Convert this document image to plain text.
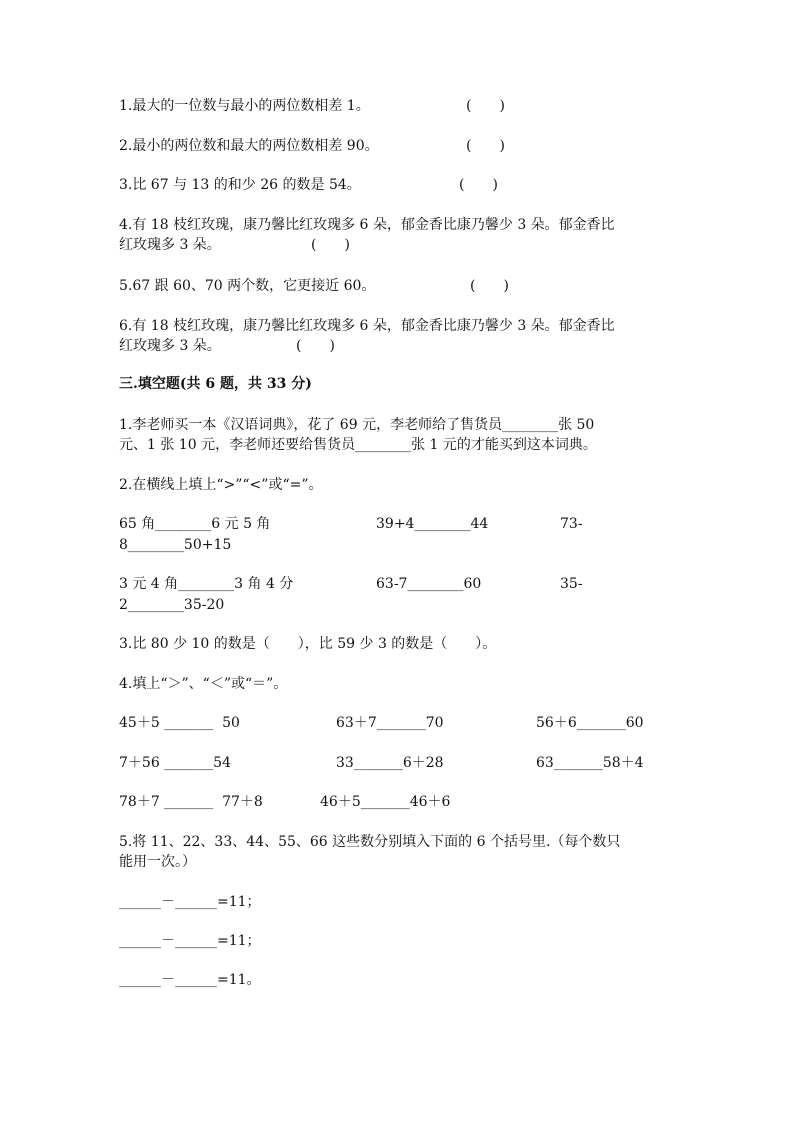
1.最大的一位数与最小的两位数相差 1。	(　　)
2.最小的两位数和最大的两位数相差 90。	(　　)
3.比 67 与 13 的和少 26 的数是 54。	(　　)
4.有 18 枝红玫瑰，康乃馨比红玫瑰多 6 朵，郁金香比康乃馨少 3 朵。郁金香比
红玫瑰多 3 朵。	(　　)
5.67 跟 60、70 两个数，它更接近 60。	(　　)
6.有 18 枝红玫瑰，康乃馨比红玫瑰多 6 朵，郁金香比康乃馨少 3 朵。郁金香比
红玫瑰多 3 朵。	(　　)
三.填空题(共 6 题，共 33 分)
1.李老师买一本《汉语词典》，花了 69 元，李老师给了售货员________张 50
元、1 张 10 元，李老师还要给售货员________张 1 元的才能买到这本词典。
2.在横线上填上“>”“<”或“=”。
65 角________6 元 5 角	39+4________44	73-
8________50+15
3 元 4 角________3 角 4 分	63-7________60	35-
2________35-20
3.比 80 少 10 的数是（　　），比 59 少 3 的数是（　　）。
4.填上“＞”、“＜”或“＝”。
45＋5 _______  50	63＋7_______70	56＋6_______60
7＋56 _______54	33_______6＋28	63_______58＋4
78＋7 _______  77＋8	46＋5_______46＋6
5.将 11、22、33、44、55、66 这些数分别填入下面的 6 个括号里.（每个数只
能用一次。）
______－______=11；
______－______=11；
______－______=11。
